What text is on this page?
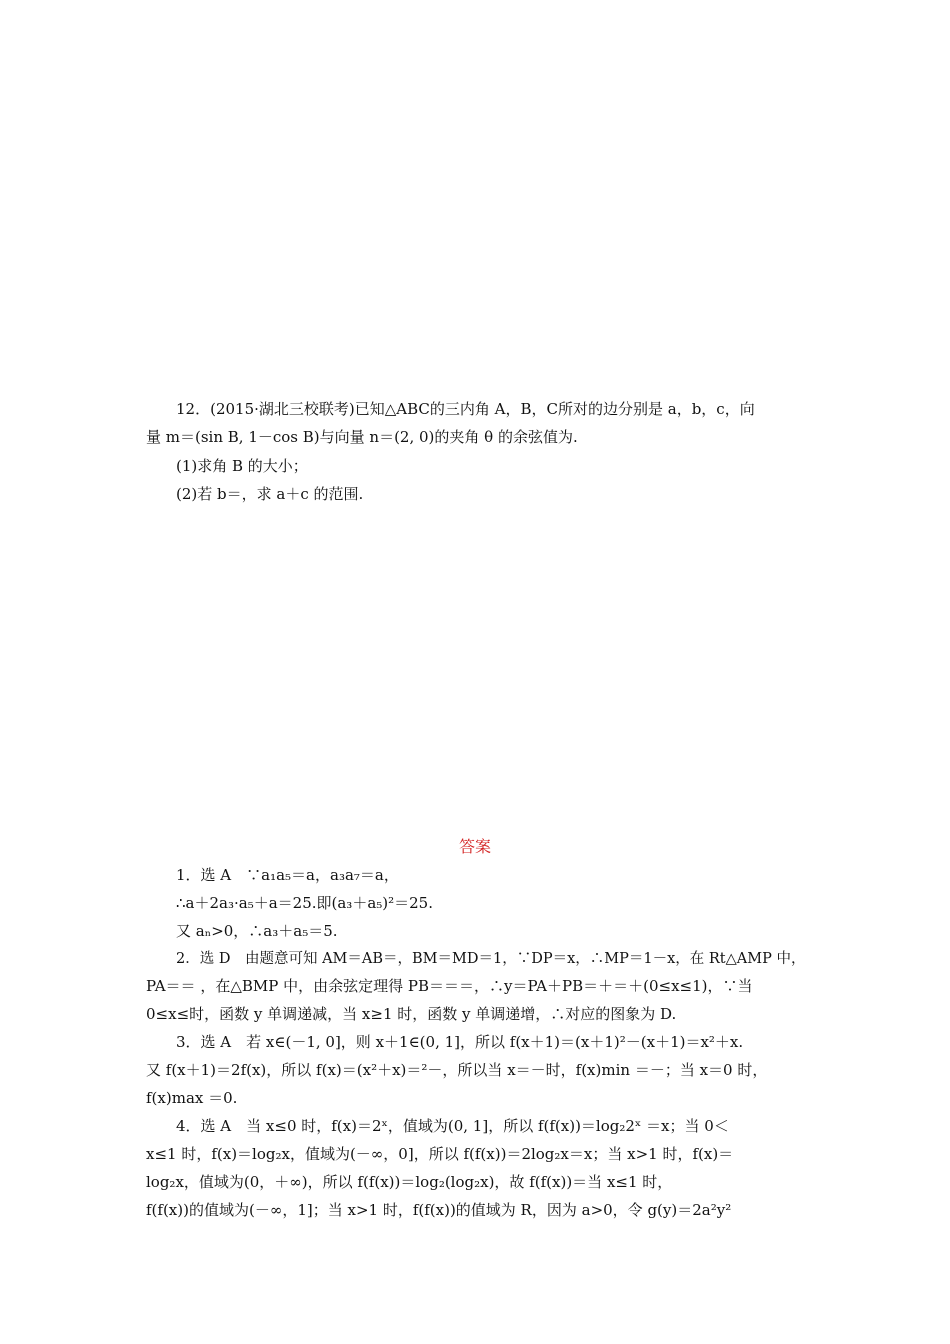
12．(2015·湖北三校联考)已知△ABC的三内角 A，B，C所对的边分别是 a，b，c，向
量 m＝(sin B, 1－cos B)与向量 n＝(2, 0)的夹角 θ 的余弦值为.
(1)求角 B 的大小；
(2)若 b＝，求 a＋c 的范围.
答案
1．选 A　∵a₁a₅＝a，a₃a₇＝a，
∴a＋2a₃·a₅＋a＝25.即(a₃＋a₅)²＝25.
又 aₙ>0，∴a₃＋a₅＝5.
2．选 D　由题意可知 AM＝AB＝，BM＝MD＝1，∵DP＝x，∴MP＝1－x，在 Rt△AMP 中，
PA＝＝ ，在△BMP 中，由余弦定理得 PB＝＝＝，∴y＝PA＋PB＝＋＝＋(0≤x≤1)，∵当
0≤x≤时，函数 y 单调递减，当 x≥1 时，函数 y 单调递增，∴对应的图象为 D.
3．选 A　若 x∈(－1, 0]，则 x＋1∈(0, 1]，所以 f(x＋1)＝(x＋1)²－(x＋1)＝x²＋x.
又 f(x＋1)＝2f(x)，所以 f(x)＝(x²＋x)＝²－，所以当 x＝－时，f(x)min ＝－；当 x＝0 时，
f(x)max ＝0.
4．选 A　当 x≤0 时，f(x)＝2ˣ，值域为(0, 1]，所以 f(f(x))＝log₂2ˣ ＝x；当 0＜
x≤1 时，f(x)＝log₂x，值域为(－∞，0]，所以 f(f(x))＝2log₂x＝x；当 x>1 时，f(x)＝
log₂x，值域为(0，＋∞)，所以 f(f(x))＝log₂(log₂x)，故 f(f(x))＝当 x≤1 时，
f(f(x))的值域为(－∞，1]；当 x>1 时，f(f(x))的值域为 R，因为 a>0，令 g(y)＝2a²y²
